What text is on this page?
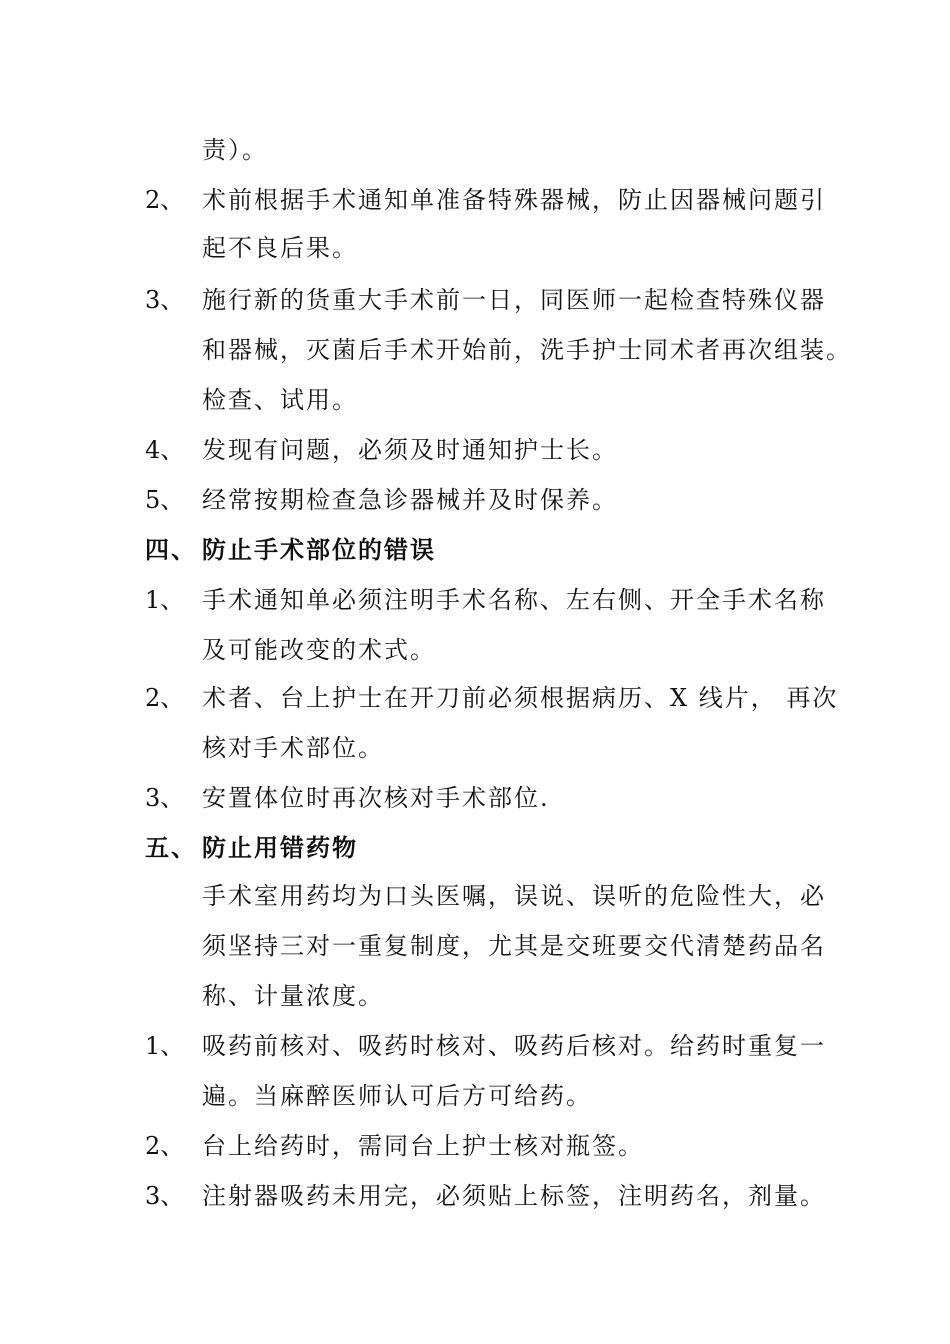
责）。
2、 术前根据手术通知单准备特殊器械，防止因器械问题引
起不良后果。
3、 施行新的货重大手术前一日，同医师一起检查特殊仪器
和器械，灭菌后手术开始前，洗手护士同术者再次组装。
检查、试用。
4、 发现有问题，必须及时通知护士长。
5、 经常按期检查急诊器械并及时保养。
四、 防止手术部位的错误
1、 手术通知单必须注明手术名称、左右侧、开全手术名称
及可能改变的术式。
2、 术者、台上护士在开刀前必须根据病历、X 线片， 再次
核对手术部位。
3、 安置体位时再次核对手术部位.
五、 防止用错药物
手术室用药均为口头医嘱，误说、误听的危险性大，必
须坚持三对一重复制度，尤其是交班要交代清楚药品名
称、计量浓度。
1、 吸药前核对、吸药时核对、吸药后核对。给药时重复一
遍。当麻醉医师认可后方可给药。
2、 台上给药时，需同台上护士核对瓶签。
3、 注射器吸药未用完，必须贴上标签，注明药名，剂量。
